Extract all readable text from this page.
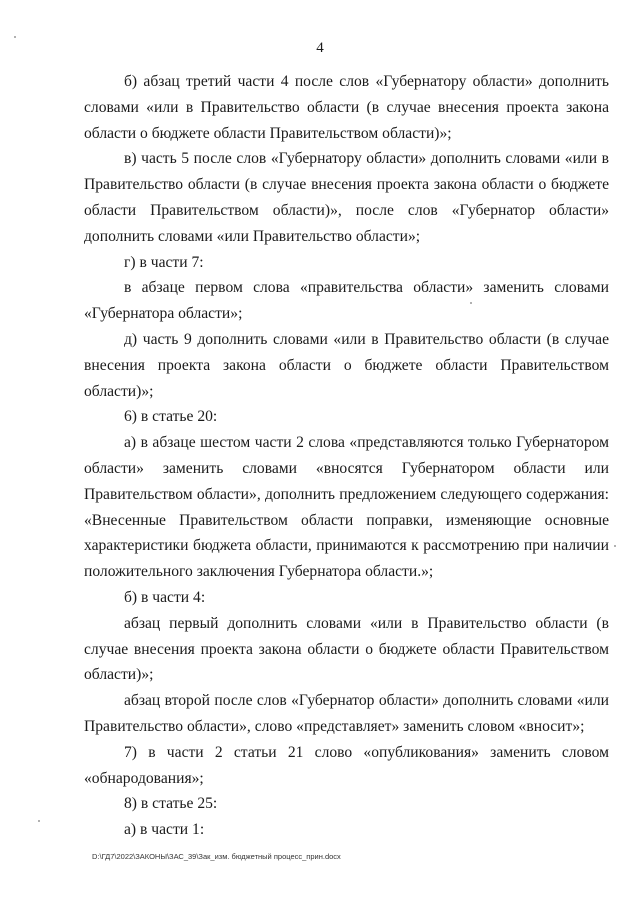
4

б) абзац третий части 4 после слов «Губернатору области» дополнить словами «или в Правительство области (в случае внесения проекта закона области о бюджете области Правительством области)»;

в) часть 5 после слов «Губернатору области» дополнить словами «или в Правительство области (в случае внесения проекта закона области о бюджете области Правительством области)», после слов «Губернатор области» дополнить словами «или Правительство области»;

г) в части 7:

в абзаце первом слова «правительства области» заменить словами «Губернатора области»;

д) часть 9 дополнить словами «или в Правительство области (в случае внесения проекта закона области о бюджете области Правительством области)»;

6) в статье 20:

а) в абзаце шестом части 2 слова «представляются только Губернатором области» заменить словами «вносятся Губернатором области или Правительством области», дополнить предложением следующего содержания: «Внесенные Правительством области поправки, изменяющие основные характеристики бюджета области, принимаются к рассмотрению при наличии положительного заключения Губернатора области.»;

б) в части 4:

абзац первый дополнить словами «или в Правительство области (в случае внесения проекта закона области о бюджете области Правительством области)»;

абзац второй после слов «Губернатор области» дополнить словами «или Правительство области», слово «представляет» заменить словом «вносит»;

7) в части 2 статьи 21 слово «опубликования» заменить словом «обнародования»;

8) в статье 25:

а) в части 1:

D:\ГД7\2022\ЗАКОНЫ\ЗАС_39\Зак_изм. бюджетный процесс_прин.docx
